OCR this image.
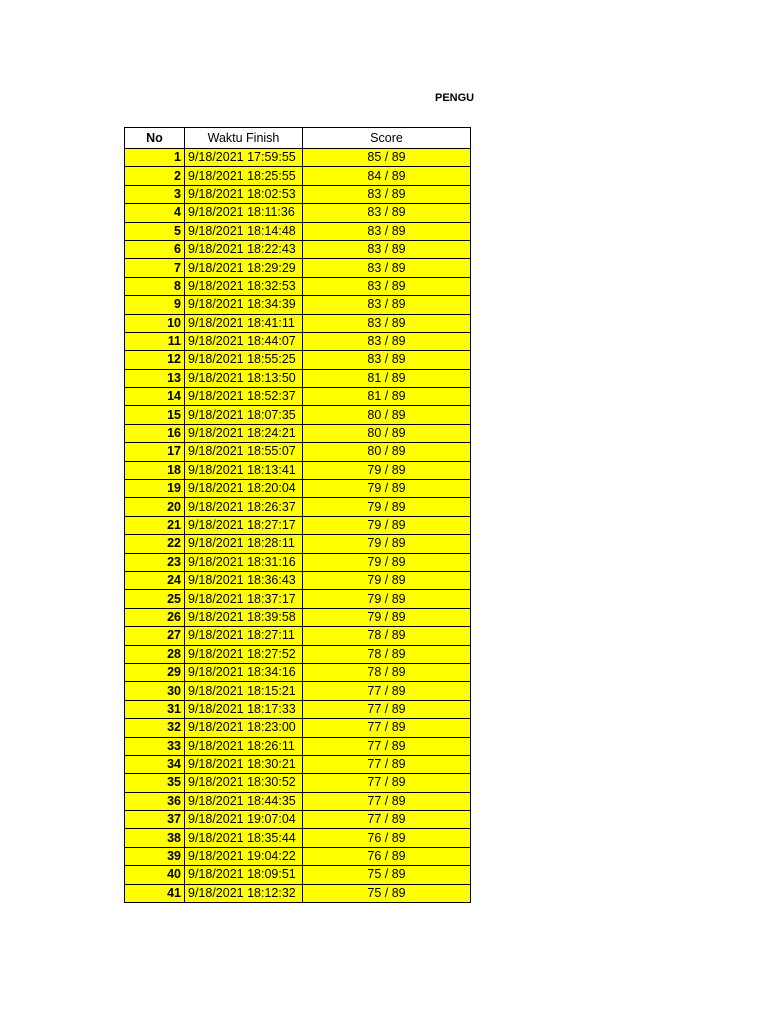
PENGU
No	Waktu Finish	Score
1	9/18/2021 17:59:55	85 / 89
2	9/18/2021 18:25:55	84 / 89
3	9/18/2021 18:02:53	83 / 89
4	9/18/2021 18:11:36	83 / 89
5	9/18/2021 18:14:48	83 / 89
6	9/18/2021 18:22:43	83 / 89
7	9/18/2021 18:29:29	83 / 89
8	9/18/2021 18:32:53	83 / 89
9	9/18/2021 18:34:39	83 / 89
10	9/18/2021 18:41:11	83 / 89
11	9/18/2021 18:44:07	83 / 89
12	9/18/2021 18:55:25	83 / 89
13	9/18/2021 18:13:50	81 / 89
14	9/18/2021 18:52:37	81 / 89
15	9/18/2021 18:07:35	80 / 89
16	9/18/2021 18:24:21	80 / 89
17	9/18/2021 18:55:07	80 / 89
18	9/18/2021 18:13:41	79 / 89
19	9/18/2021 18:20:04	79 / 89
20	9/18/2021 18:26:37	79 / 89
21	9/18/2021 18:27:17	79 / 89
22	9/18/2021 18:28:11	79 / 89
23	9/18/2021 18:31:16	79 / 89
24	9/18/2021 18:36:43	79 / 89
25	9/18/2021 18:37:17	79 / 89
26	9/18/2021 18:39:58	79 / 89
27	9/18/2021 18:27:11	78 / 89
28	9/18/2021 18:27:52	78 / 89
29	9/18/2021 18:34:16	78 / 89
30	9/18/2021 18:15:21	77 / 89
31	9/18/2021 18:17:33	77 / 89
32	9/18/2021 18:23:00	77 / 89
33	9/18/2021 18:26:11	77 / 89
34	9/18/2021 18:30:21	77 / 89
35	9/18/2021 18:30:52	77 / 89
36	9/18/2021 18:44:35	77 / 89
37	9/18/2021 19:07:04	77 / 89
38	9/18/2021 18:35:44	76 / 89
39	9/18/2021 19:04:22	76 / 89
40	9/18/2021 18:09:51	75 / 89
41	9/18/2021 18:12:32	75 / 89
